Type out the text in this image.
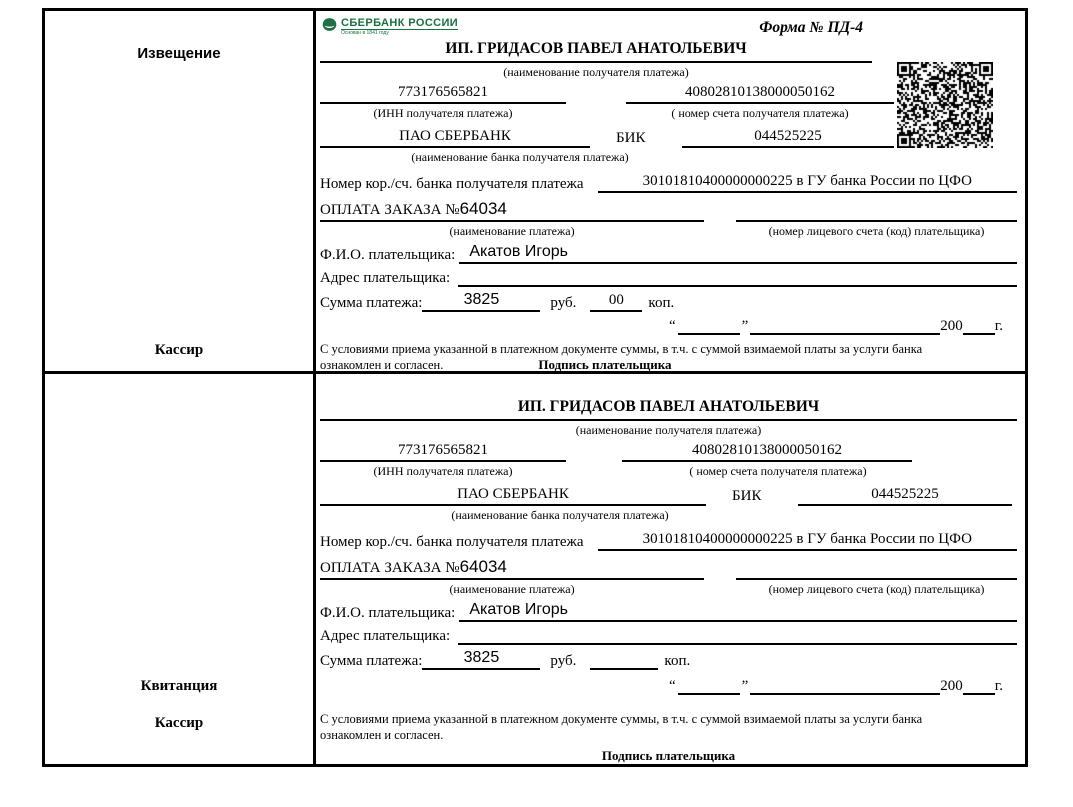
Извещение
Кассир
СБЕРБАНК РОССИИ
Основан в 1841 году	Форма № ПД-4
ИП. ГРИДАСОВ ПАВЕЛ АНАТОЛЬЕВИЧ
(наименование получателя платежа)
773176565821	40802810138000050162
(ИНН получателя платежа)	( номер счета получателя платежа)
ПАО СБЕРБАНК	БИК	044525225
(наименование банка получателя платежа)
Номер кор./сч. банка получателя платежа	30101810400000000225 в ГУ банка России по ЦФО
ОПЛАТА ЗАКАЗА №64034
(наименование платежа)	(номер лицевого счета (код) плательщика)
Ф.И.О. плательщика: Акатов Игорь
Адрес плательщика:
Сумма платежа:	3825	руб.	00	коп.
“	”	200 г.
С условиями приема указанной в платежном документе суммы, в т.ч. с суммой взимаемой платы за услуги банка
ознакомлен и согласен.	Подпись плательщика
Квитанция
Кассир
ИП. ГРИДАСОВ ПАВЕЛ АНАТОЛЬЕВИЧ
(наименование получателя платежа)
773176565821	40802810138000050162
(ИНН получателя платежа)	( номер счета получателя платежа)
ПАО СБЕРБАНК	БИК	044525225
(наименование банка получателя платежа)
Номер кор./сч. банка получателя платежа	30101810400000000225 в ГУ банка России по ЦФО
ОПЛАТА ЗАКАЗА №64034
(наименование платежа)	(номер лицевого счета (код) плательщика)
Ф.И.О. плательщика: Акатов Игорь
Адрес плательщика:
Сумма платежа:	3825	руб.	коп.
“	”	200 г.
С условиями приема указанной в платежном документе суммы, в т.ч. с суммой взимаемой платы за услуги банка
ознакомлен и согласен.
Подпись плательщика
